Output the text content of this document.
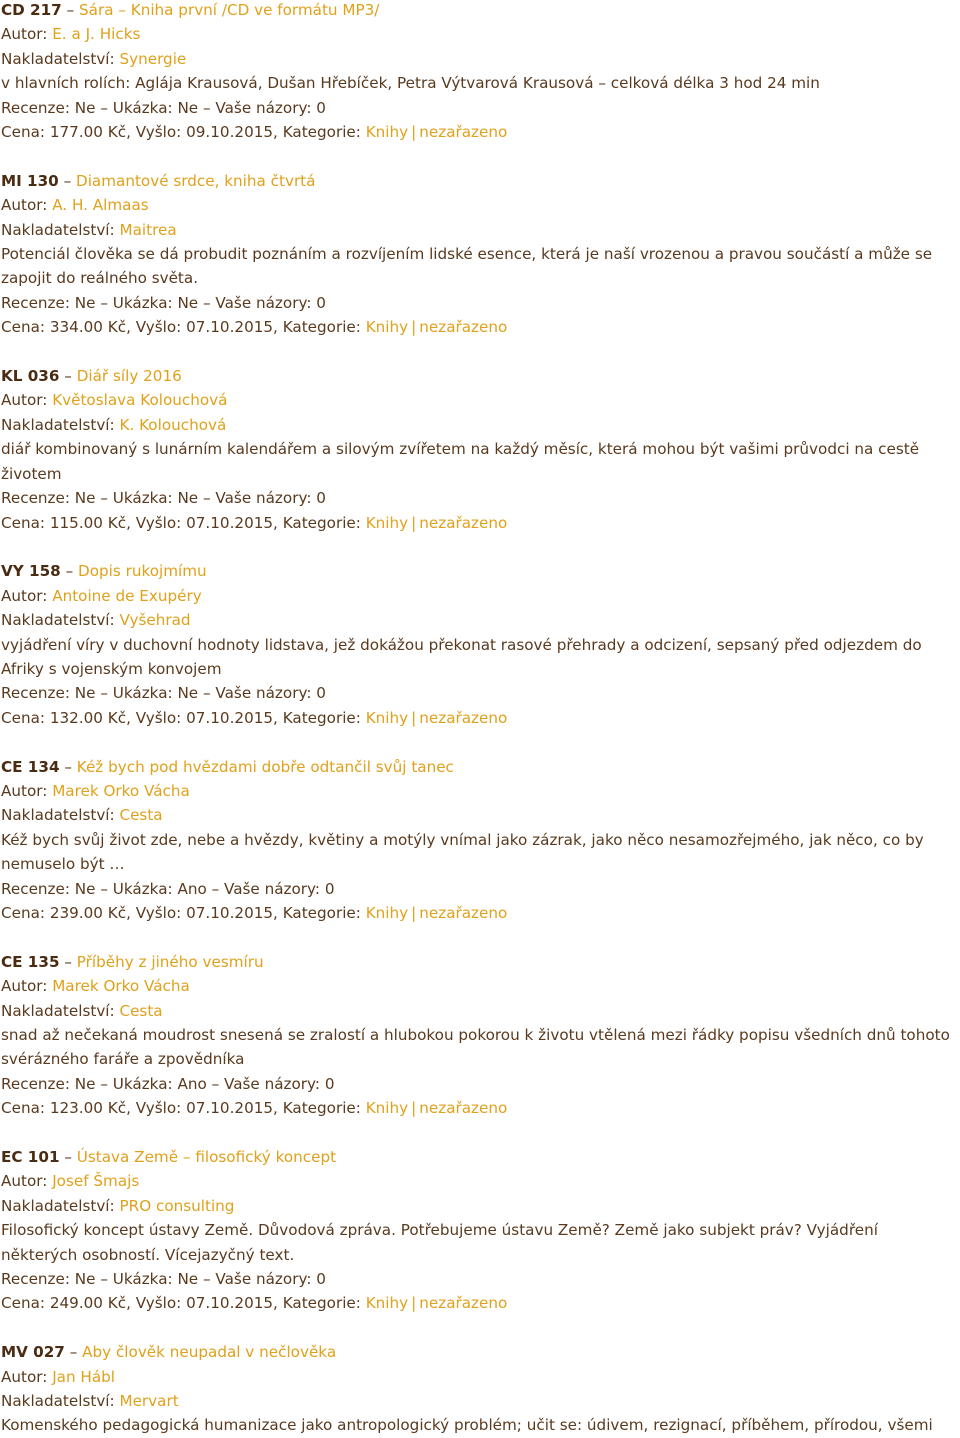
CD 217 – Sára – Kniha první /CD ve formátu MP3/
Autor: E. a J. Hicks
Nakladatelství: Synergie
v hlavních rolích: Aglája Krausová, Dušan Hřebíček, Petra Výtvarová Krausová – celková délka 3 hod 24 min
Recenze: Ne – Ukázka: Ne – Vaše názory: 0
Cena: 177.00 Kč, Vyšlo: 09.10.2015, Kategorie: Knihy | nezařazeno
MI 130 – Diamantové srdce, kniha čtvrtá
Autor: A. H. Almaas
Nakladatelství: Maitrea
Potenciál člověka se dá probudit poznáním a rozvíjením lidské esence, která je naší vrozenou a pravou součástí a může se zapojit do reálného světa.
Recenze: Ne – Ukázka: Ne – Vaše názory: 0
Cena: 334.00 Kč, Vyšlo: 07.10.2015, Kategorie: Knihy | nezařazeno
KL 036 – Diář síly 2016
Autor: Květoslava Kolouchová
Nakladatelství: K. Kolouchová
diář kombinovaný s lunárním kalendářem a silovým zvířetem na každý měsíc, která mohou být vašimi průvodci na cestě životem
Recenze: Ne – Ukázka: Ne – Vaše názory: 0
Cena: 115.00 Kč, Vyšlo: 07.10.2015, Kategorie: Knihy | nezařazeno
VY 158 – Dopis rukojmímu
Autor: Antoine de Exupéry
Nakladatelství: Vyšehrad
vyjádření víry v duchovní hodnoty lidstava, jež dokážou překonat rasové přehrady a odcizení, sepsaný před odjezdem do Afriky s vojenským konvojem
Recenze: Ne – Ukázka: Ne – Vaše názory: 0
Cena: 132.00 Kč, Vyšlo: 07.10.2015, Kategorie: Knihy | nezařazeno
CE 134 – Kéž bych pod hvězdami dobře odtančil svůj tanec
Autor: Marek Orko Vácha
Nakladatelství: Cesta
Kéž bych svůj život zde, nebe a hvězdy, květiny a motýly vnímal jako zázrak, jako něco nesamozřejmého, jak něco, co by nemuselo být …
Recenze: Ne – Ukázka: Ano – Vaše názory: 0
Cena: 239.00 Kč, Vyšlo: 07.10.2015, Kategorie: Knihy | nezařazeno
CE 135 – Příběhy z jiného vesmíru
Autor: Marek Orko Vácha
Nakladatelství: Cesta
snad až nečekaná moudrost snesená se zralostí a hlubokou pokorou k životu vtělená mezi řádky popisu všedních dnů tohoto svérázného faráře a zpovědníka
Recenze: Ne – Ukázka: Ano – Vaše názory: 0
Cena: 123.00 Kč, Vyšlo: 07.10.2015, Kategorie: Knihy | nezařazeno
EC 101 – Ústava Země – filosofický koncept
Autor: Josef Šmajs
Nakladatelství: PRO consulting
Filosofický koncept ústavy Země. Důvodová zpráva. Potřebujeme ústavu Země? Země jako subjekt práv? Vyjádření některých osobností. Vícejazyčný text.
Recenze: Ne – Ukázka: Ne – Vaše názory: 0
Cena: 249.00 Kč, Vyšlo: 07.10.2015, Kategorie: Knihy | nezařazeno
MV 027 – Aby člověk neupadal v nečlověka
Autor: Jan Hábl
Nakladatelství: Mervart
Komenského pedagogická humanizace jako antropologický problém; učit se: údivem, rezignací, příběhem, přírodou, všemi
